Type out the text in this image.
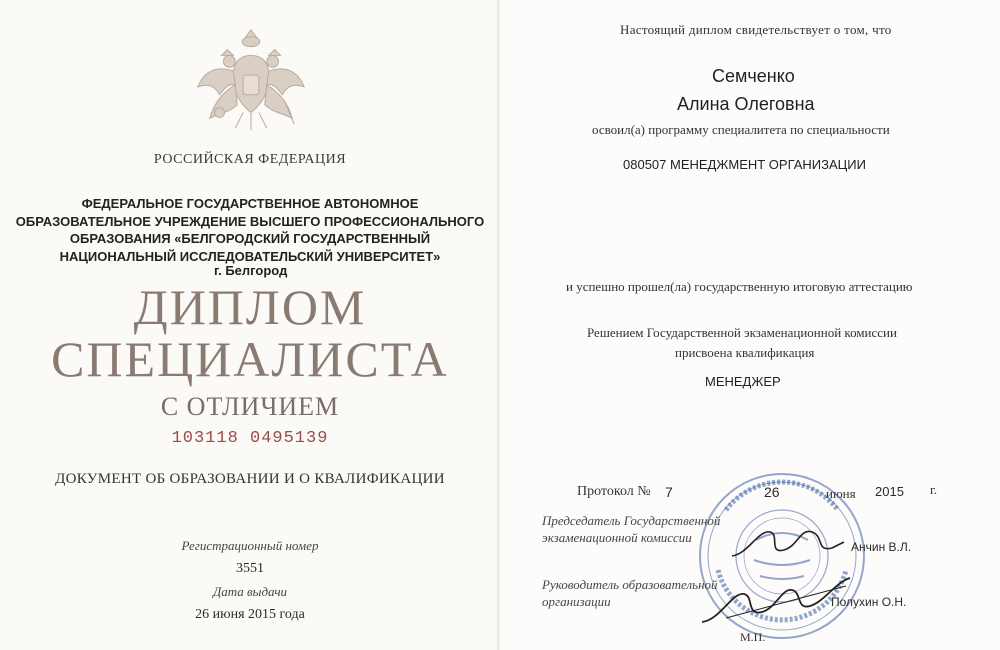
РОССИЙСКАЯ ФЕДЕРАЦИЯ
ФЕДЕРАЛЬНОЕ ГОСУДАРСТВЕННОЕ АВТОНОМНОЕ
ОБРАЗОВАТЕЛЬНОЕ УЧРЕЖДЕНИЕ ВЫСШЕГО ПРОФЕССИОНАЛЬНОГО
ОБРАЗОВАНИЯ «БЕЛГОРОДСКИЙ ГОСУДАРСТВЕННЫЙ
НАЦИОНАЛЬНЫЙ ИССЛЕДОВАТЕЛЬСКИЙ УНИВЕРСИТЕТ»
г. Белгород
ДИПЛОМ
СПЕЦИАЛИСТА
С ОТЛИЧИЕМ
103118 0495139
ДОКУМЕНТ ОБ ОБРАЗОВАНИИ И О КВАЛИФИКАЦИИ
Регистрационный номер
3551
Дата выдачи
26 июня 2015 года
Настоящий диплом свидетельствует о том, что
Семченко
Алина Олеговна
освоил(а) программу специалитета по специальности
080507 МЕНЕДЖМЕНТ ОРГАНИЗАЦИИ
и успешно прошел(ла) государственную итоговую аттестацию
Решением Государственной экзаменационной комиссии
присвоена квалификация
МЕНЕДЖЕР
Протокол № 7	26	июня 2015 г.
Председатель Государственной экзаменационной комиссии
Анчин В.Л.
Руководитель образовательной организации	Полухин О.Н.
М.П.
